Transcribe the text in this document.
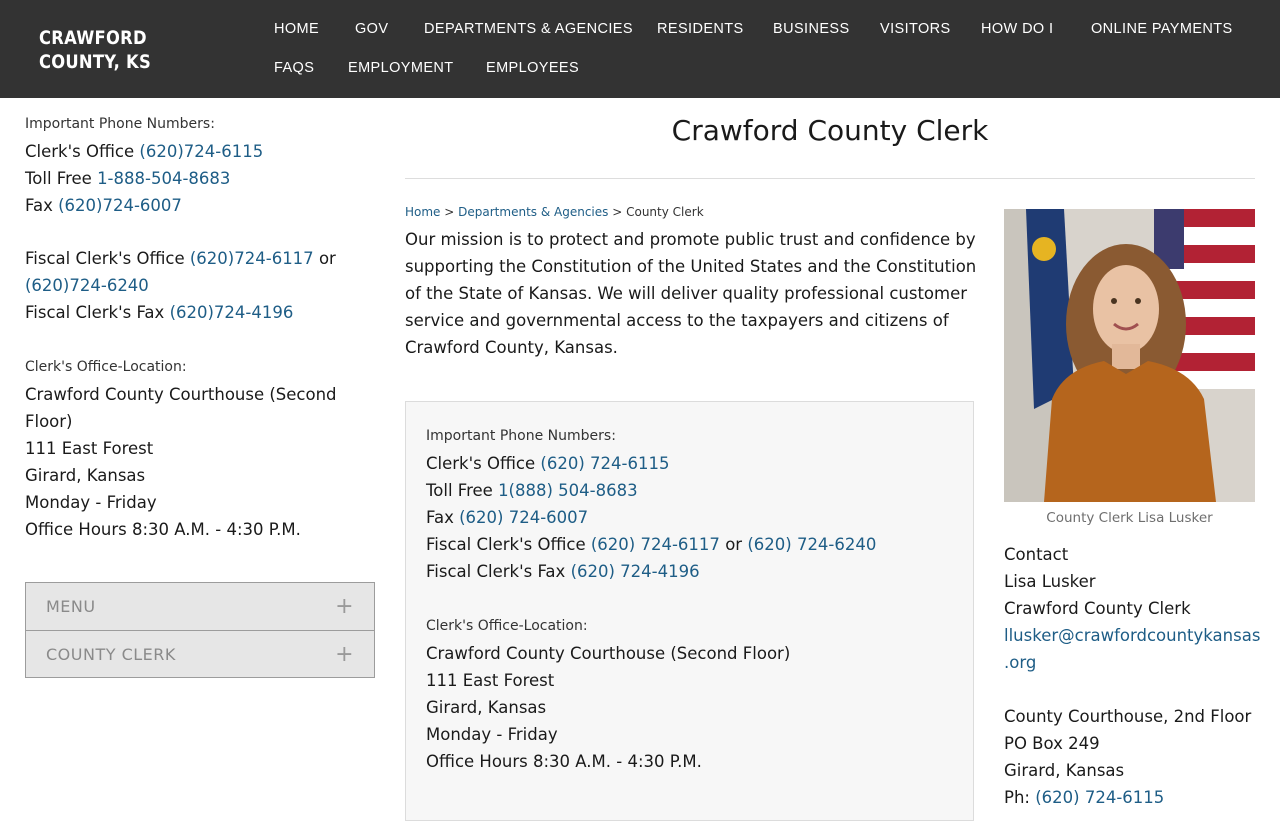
CRAWFORD COUNTY, KS
HOME GOV DEPARTMENTS & AGENCIES RESIDENTS BUSINESS VISITORS HOW DO I	ONLINE PAYMENTS
FAQS EMPLOYMENT EMPLOYEES
Important Phone Numbers:
Clerk's Office (620)724-6115
Toll Free 1-888-504-8683
Fax (620)724-6007
Fiscal Clerk's Office (620)724-6117 or
(620)724-6240
Fiscal Clerk's Fax (620)724-4196
Clerk's Office-Location:
Crawford County Courthouse (Second Floor)
111 East Forest
Girard, Kansas
Monday - Friday
Office Hours 8:30 A.M. - 4:30 P.M.
MENU	+
COUNTY CLERK	+
Crawford County Clerk
Home > Departments & Agencies > County Clerk
Our mission is to protect and promote public trust and confidence by supporting the Constitution of the United States and the Constitution of the State of Kansas. We will deliver quality professional customer service and governmental access to the taxpayers and citizens of Crawford County, Kansas.
Important Phone Numbers:
Clerk's Office (620) 724-6115
Toll Free 1(888) 504-8683
Fax (620) 724-6007
Fiscal Clerk's Office (620) 724-6117 or (620) 724-6240
Fiscal Clerk's Fax (620) 724-4196
Clerk's Office-Location:
Crawford County Courthouse (Second Floor)
111 East Forest
Girard, Kansas
Monday - Friday
Office Hours 8:30 A.M. - 4:30 P.M.
County Clerk Lisa Lusker
Contact
Lisa Lusker
Crawford County Clerk
llusker@crawfordcountykansas
.org
County Courthouse, 2nd Floor
PO Box 249
Girard, Kansas
Ph: (620) 724-6115
